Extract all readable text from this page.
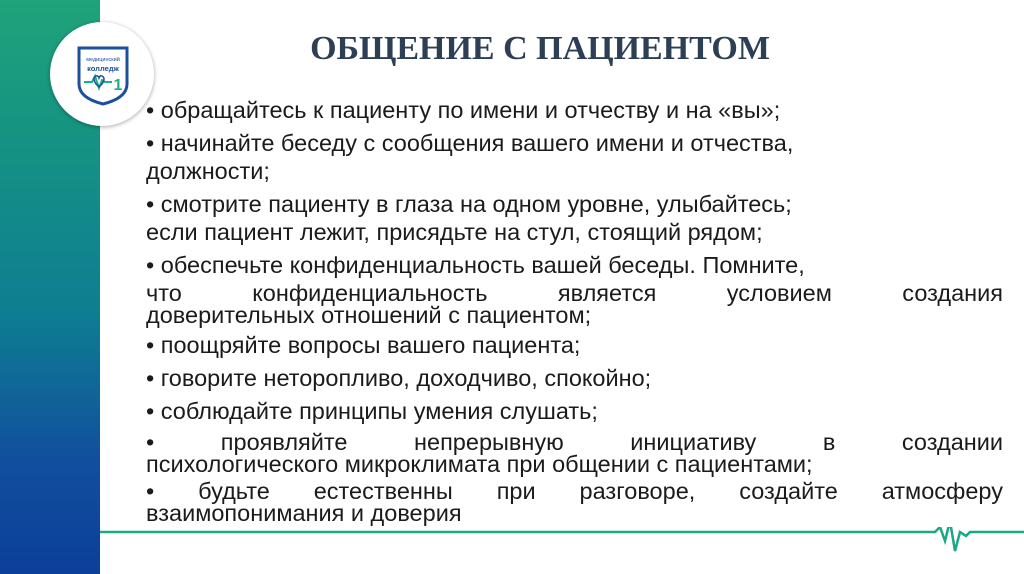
медицинский
колледж
1
ОБЩЕНИЕ С ПАЦИЕНТОМ
• обращайтесь к пациенту по имени и отчеству и на «вы»;
• начинайте беседу с сообщения вашего имени и отчества,
должности;
• смотрите пациенту в глаза на одном уровне, улыбайтесь;
если пациент лежит, присядьте на стул, стоящий рядом;
• обеспечьте конфиденциальность вашей беседы. Помните,
что конфиденциальность является условием создания
доверительных отношений с пациентом;
• поощряйте вопросы вашего пациента;
• говорите неторопливо, доходчиво, спокойно;
• соблюдайте принципы умения слушать;
• проявляйте непрерывную инициативу в создании
психологического микроклимата при общении с пациентами;
• будьте естественны при разговоре, создайте атмосферу
взаимопонимания и доверия
